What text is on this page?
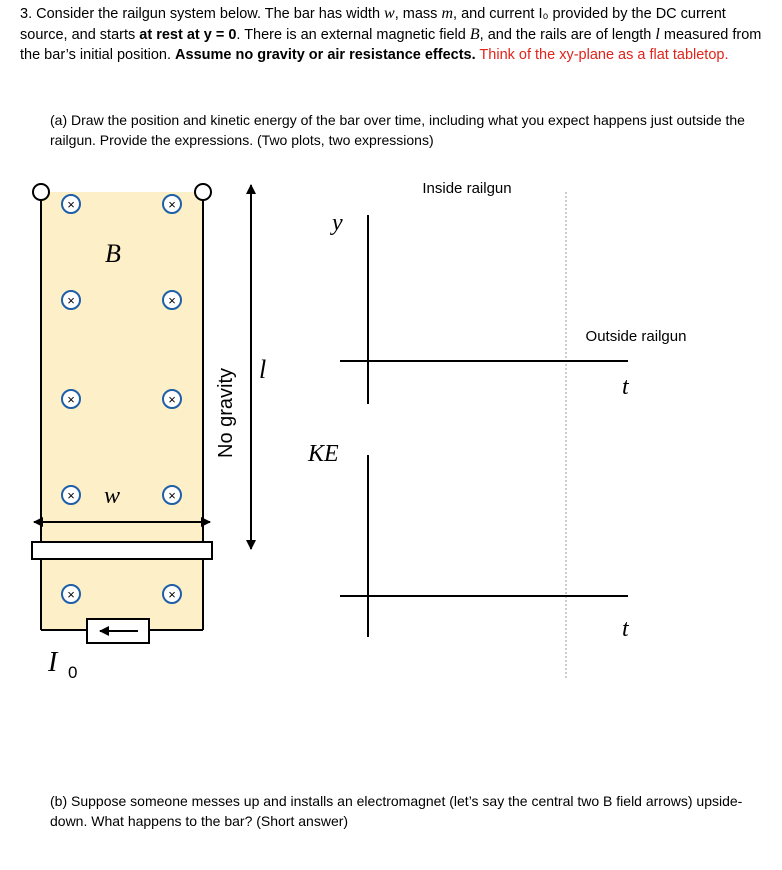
3. Consider the railgun system below. The bar has width w, mass m, and current I₀ provided by the DC current source, and starts at rest at y = 0. There is an external magnetic field B, and the rails are of length l measured from the bar’s initial position. Assume no gravity or air resistance effects. Think of the xy-plane as a flat tabletop.
(a) Draw the position and kinetic energy of the bar over time, including what you expect happens just outside the railgun. Provide the expressions. (Two plots, two expressions)
(b) Suppose someone messes up and installs an electromagnet (let’s say the central two B field arrows) upside-down. What happens to the bar? (Short answer)
×	×
×	×
×	×
×	×
×	×
B
w
l
I 0
No gravity
Inside railgun
Outside railgun
y
t
KE
t
